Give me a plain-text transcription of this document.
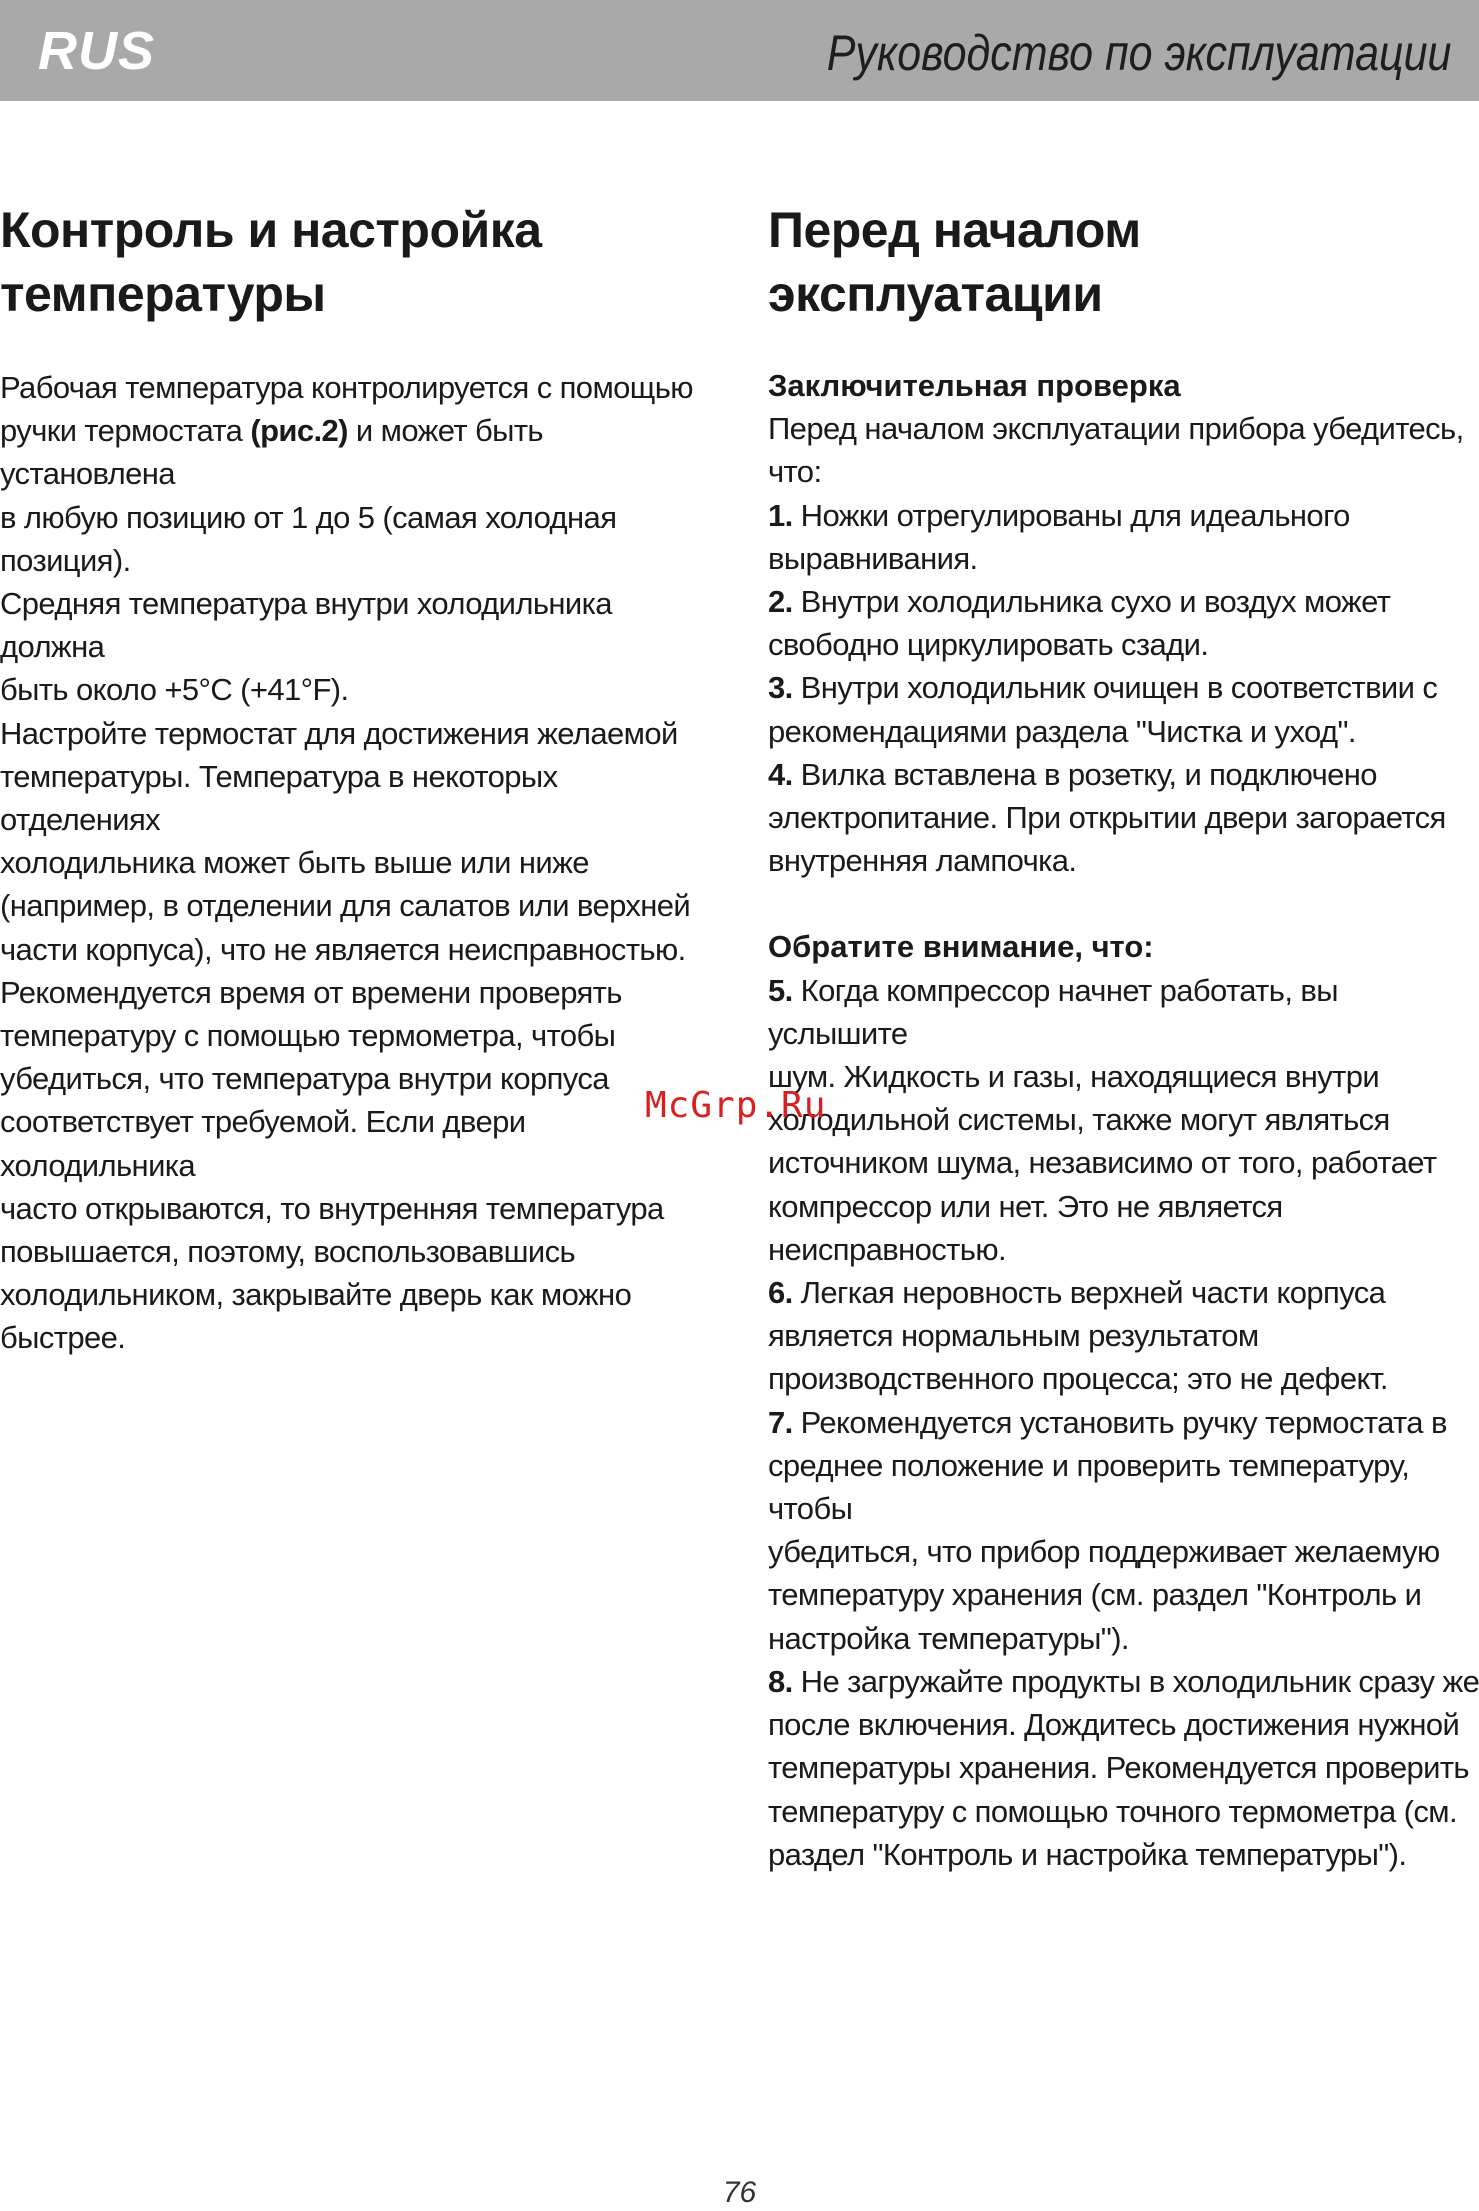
RUS	Руководство по эксплуатации

Контроль и настройка
температуры

Рабочая температура контролируется с помощью
ручки термостата (рис.2) и может быть установлена
в любую позицию от 1 до 5 (самая холодная позиция).
Средняя температура внутри холодильника должна
быть около +5°С (+41°F).
Настройте термостат для достижения желаемой
температуры. Температура в некоторых отделениях
холодильника может быть выше или ниже
(например, в отделении для салатов или верхней
части корпуса), что не является неисправностью.
Рекомендуется время от времени проверять
температуру с помощью термометра, чтобы
убедиться, что температура внутри корпуса
соответствует требуемой. Если двери холодильника
часто открываются, то внутренняя температура
повышается, поэтому, воспользовавшись
холодильником, закрывайте дверь как можно
быстрее.

Перед началом эксплуатации

Заключительная проверка

Перед началом эксплуатации прибора убедитесь,
что:

1. Ножки отрегулированы для идеального
выравнивания.

2. Внутри холодильника сухо и воздух может
свободно циркулировать сзади.

3. Внутри холодильник очищен в соответствии с
рекомендациями раздела "Чистка и уход".

4. Вилка вставлена в розетку, и подключено
электропитание. При открытии двери загорается
внутренняя лампочка.

Обратите внимание, что:

5. Когда компрессор начнет работать, вы услышите
шум. Жидкость и газы, находящиеся внутри
холодильной системы, также могут являться
источником шума, независимо от того, работает
компрессор или нет. Это не является
неисправностью.

6. Легкая неровность верхней части корпуса
является нормальным результатом
производственного процесса; это не дефект.

7. Рекомендуется установить ручку термостата в
среднее положение и проверить температуру, чтобы
убедиться, что прибор поддерживает желаемую
температуру хранения (см. раздел "Контроль и
настройка температуры").

8. Не загружайте продукты в холодильник сразу же
после включения. Дождитесь достижения нужной
температуры хранения. Рекомендуется проверить
температуру с помощью точного термометра (см.
раздел "Контроль и настройка температуры").

McGrp.Ru
76
